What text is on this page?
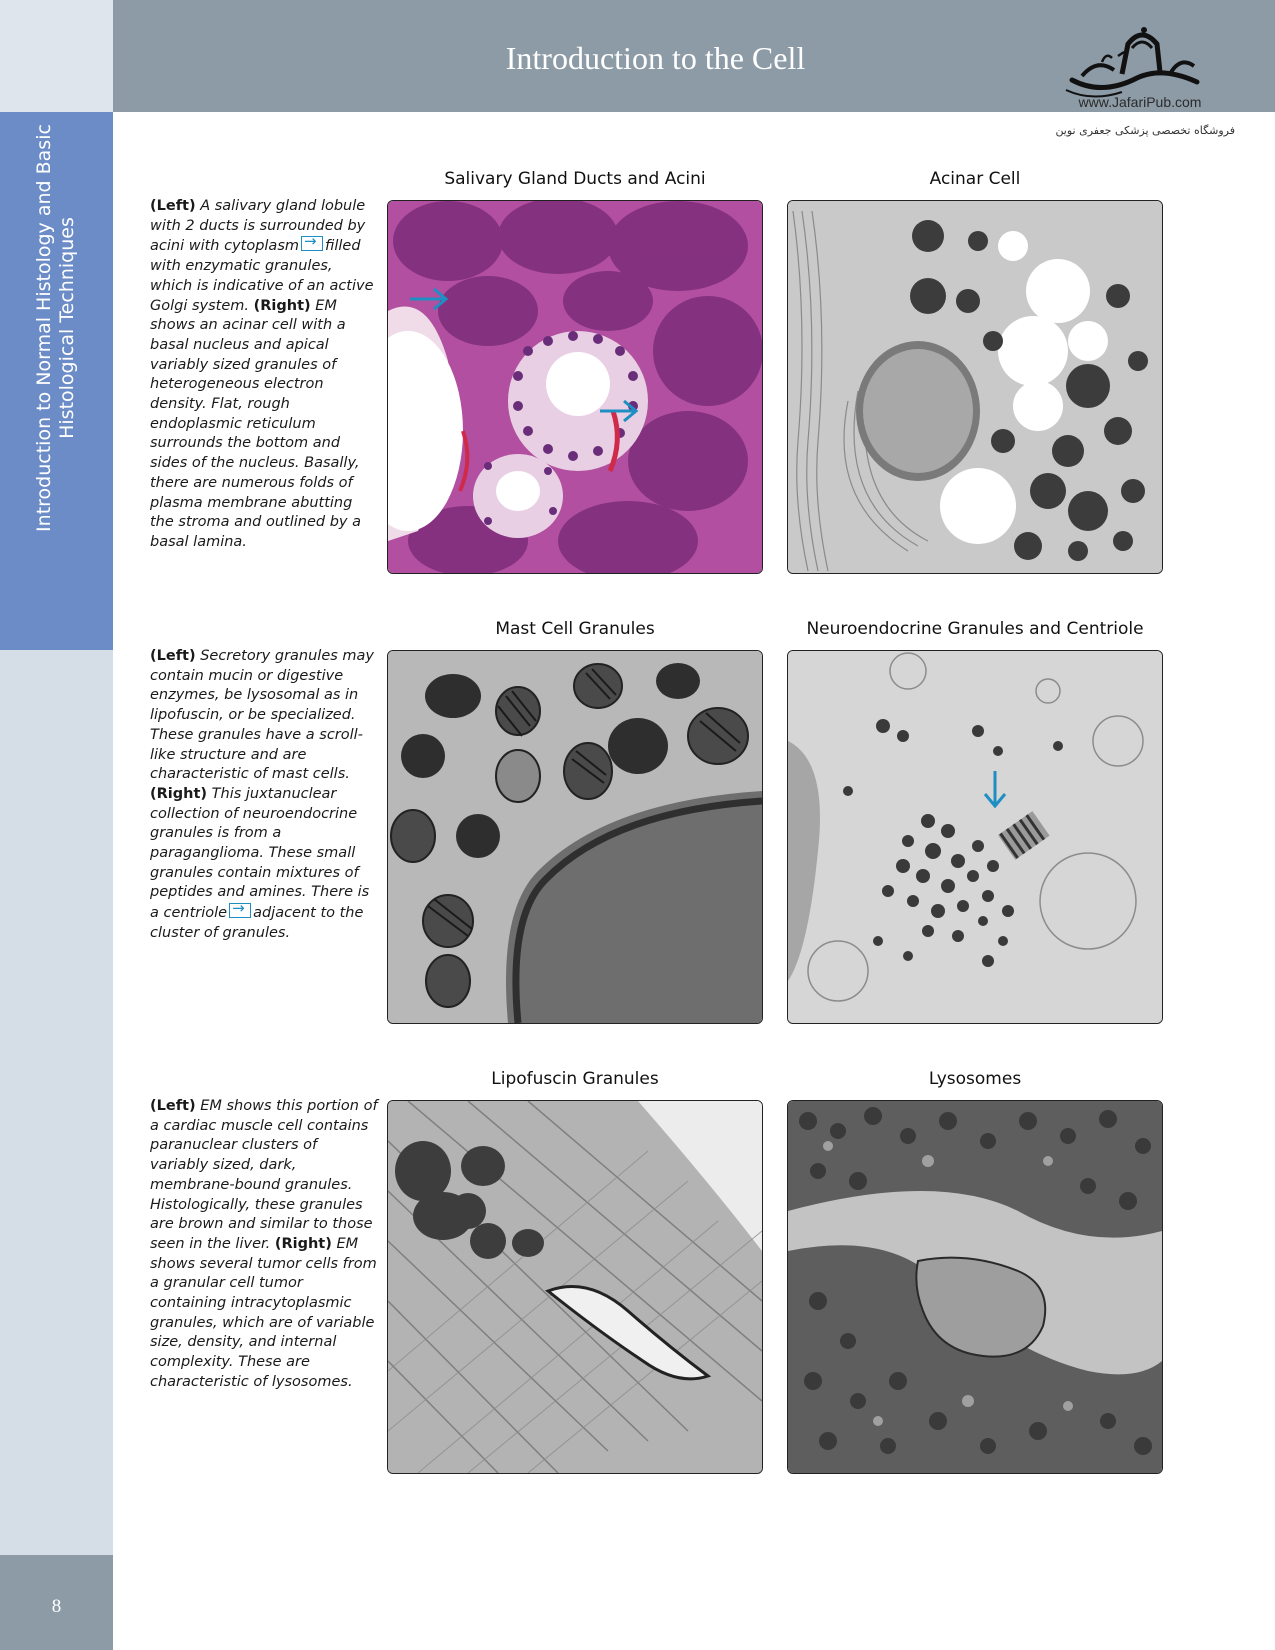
Introduction to Normal Histology and Basic Histological Techniques
8
Introduction to the Cell
www.JafariPub.com
فروشگاه تخصصی پزشکی جعفری نوین
(Left) A salivary gland lobule with 2 ducts is surrounded by acini with cytoplasm→ filled with enzymatic granules, which is indicative of an active Golgi system. (Right) EM shows an acinar cell with a basal nucleus and apical variably sized granules of heterogeneous electron density. Flat, rough endoplasmic reticulum surrounds the bottom and sides of the nucleus. Basally, there are numerous folds of plasma membrane abutting the stroma and outlined by a basal lamina.
Salivary Gland Ducts and Acini	Acinar Cell
(Left) Secretory granules may contain mucin or digestive enzymes, be lysosomal as in lipofuscin, or be specialized. These granules have a scroll-like structure and are characteristic of mast cells. (Right) This juxtanuclear collection of neuroendocrine granules is from a paraganglioma. These small granules contain mixtures of peptides and amines. There is a centriole→ adjacent to the cluster of granules.
Mast Cell Granules	Neuroendocrine Granules and Centriole
(Left) EM shows this portion of a cardiac muscle cell contains paranuclear clusters of variably sized, dark, membrane-bound granules. Histologically, these granules are brown and similar to those seen in the liver. (Right) EM shows several tumor cells from a granular cell tumor containing intracytoplasmic granules, which are of variable size, density, and internal complexity. These are characteristic of lysosomes.
Lipofuscin Granules	Lysosomes
